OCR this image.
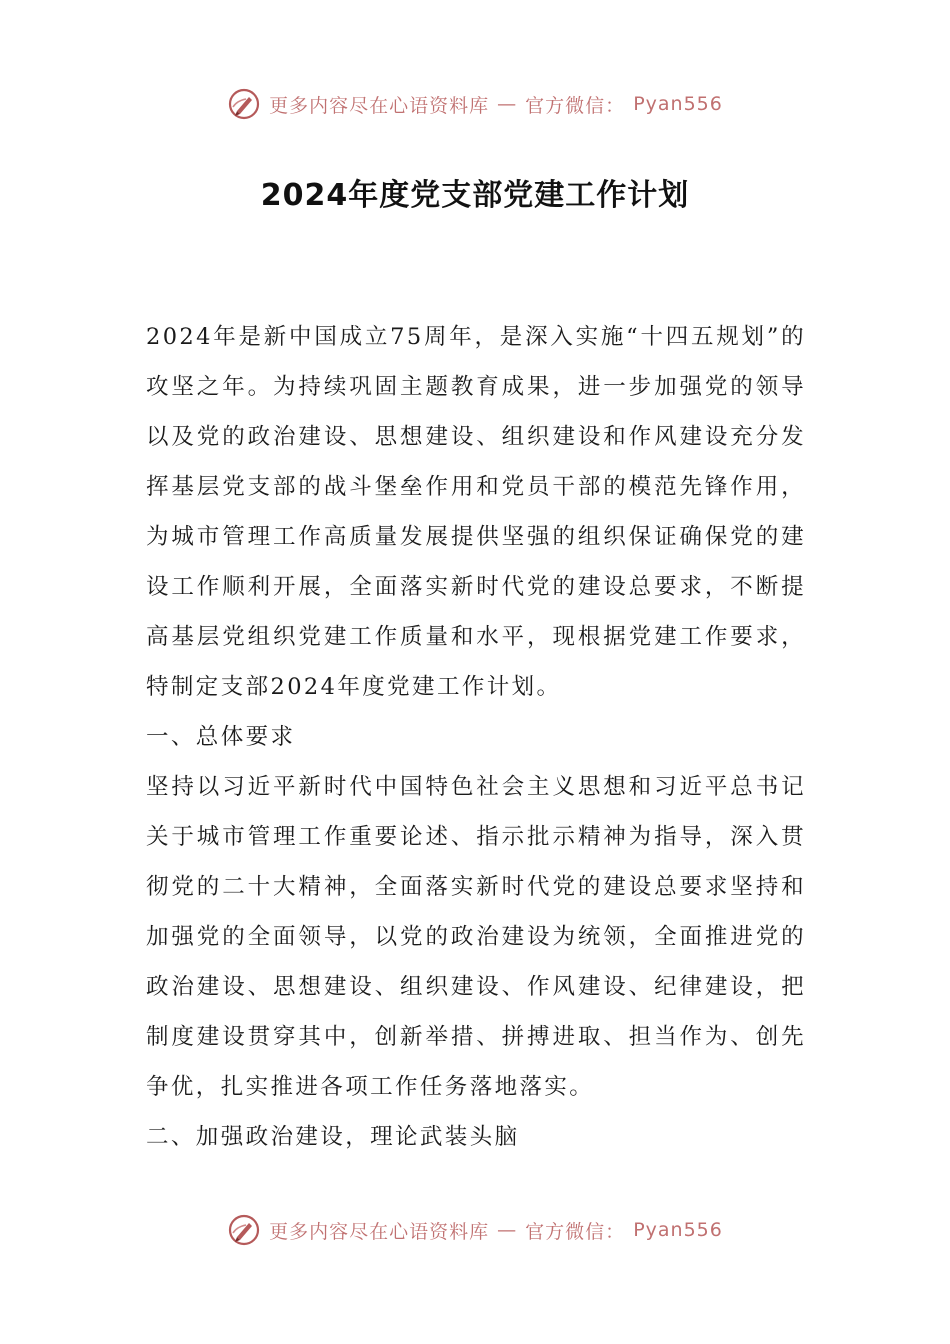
更多内容尽在心语资料库 — 官方微信： Pyan556
2024年度党支部党建工作计划

2024年是新中国成立75周年，是深入实施“十四五规划”的攻坚之年。为持续巩固主题教育成果，进一步加强党的领导以及党的政治建设、思想建设、组织建设和作风建设充分发挥基层党支部的战斗堡垒作用和党员干部的模范先锋作用，为城市管理工作高质量发展提供坚强的组织保证确保党的建设工作顺利开展，全面落实新时代党的建设总要求，不断提高基层党组织党建工作质量和水平，现根据党建工作要求，特制定支部2024年度党建工作计划。

一、总体要求

坚持以习近平新时代中国特色社会主义思想和习近平总书记关于城市管理工作重要论述、指示批示精神为指导，深入贯彻党的二十大精神，全面落实新时代党的建设总要求坚持和加强党的全面领导，以党的政治建设为统领，全面推进党的政治建设、思想建设、组织建设、作风建设、纪律建设，把制度建设贯穿其中，创新举措、拼搏进取、担当作为、创先争优，扎实推进各项工作任务落地落实。

二、加强政治建设，理论武装头脑

更多内容尽在心语资料库 — 官方微信： Pyan556
